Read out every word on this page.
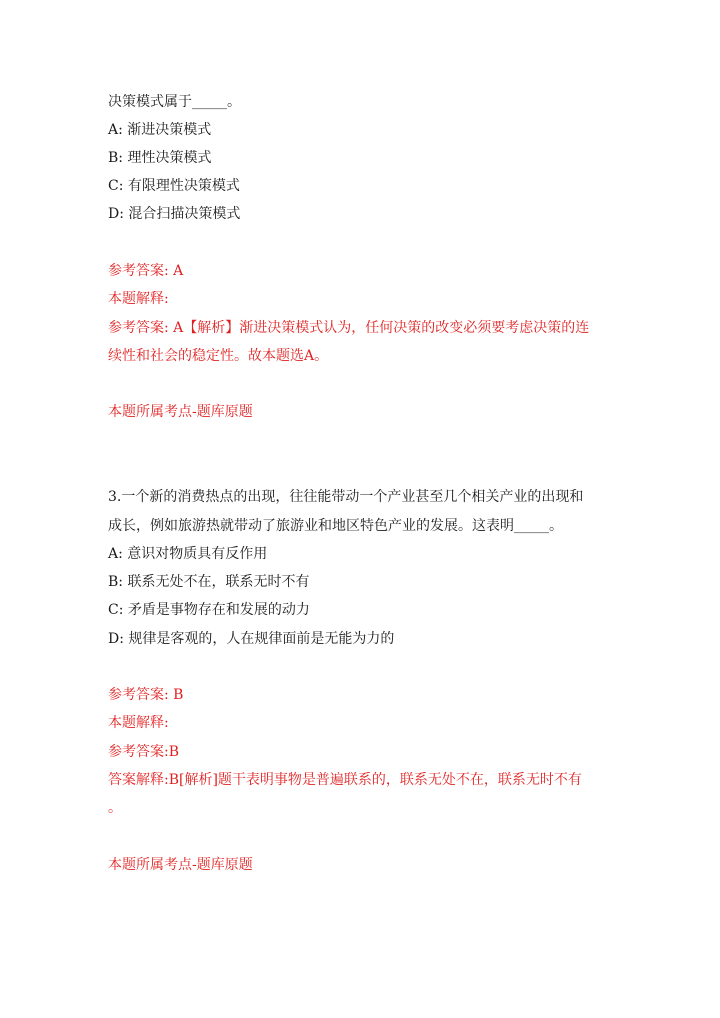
决策模式属于_____。
A: 渐进决策模式
B: 理性决策模式
C: 有限理性决策模式
D: 混合扫描决策模式
参考答案: A
本题解释:
参考答案: A【解析】渐进决策模式认为，任何决策的改变必须要考虑决策的连
续性和社会的稳定性。故本题选A。
本题所属考点-题库原题
3.一个新的消费热点的出现，往往能带动一个产业甚至几个相关产业的出现和
成长，例如旅游热就带动了旅游业和地区特色产业的发展。这表明_____。
A: 意识对物质具有反作用
B: 联系无处不在，联系无时不有
C: 矛盾是事物存在和发展的动力
D: 规律是客观的，人在规律面前是无能为力的
参考答案: B
本题解释:
参考答案:B
答案解释:B[解析]题干表明事物是普遍联系的，联系无处不在，联系无时不有
。
本题所属考点-题库原题
